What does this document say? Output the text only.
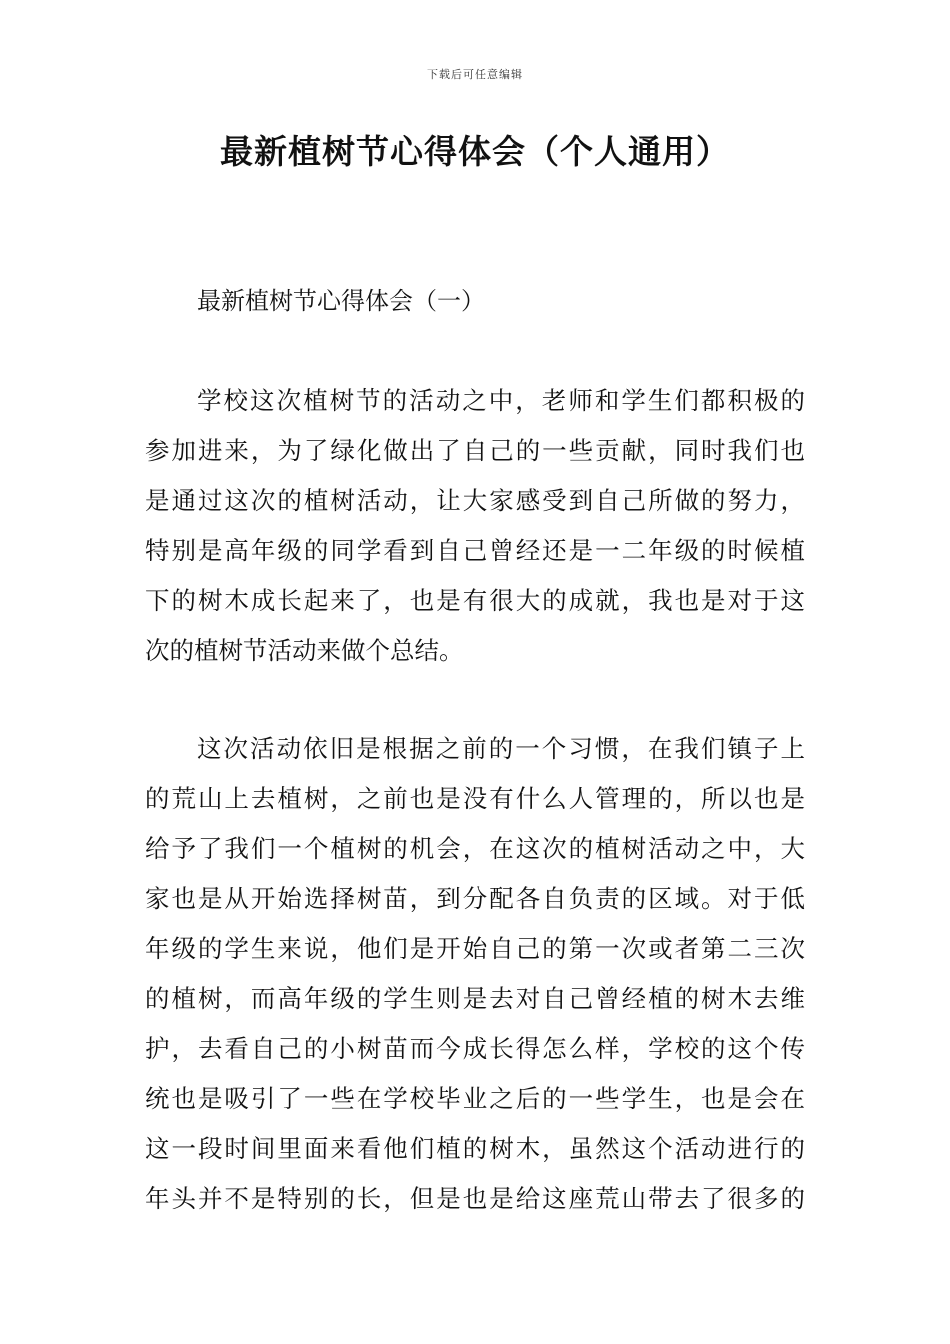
下载后可任意编辑
最新植树节心得体会（个人通用）
最新植树节心得体会（一）
学校这次植树节的活动之中，老师和学生们都积极的
参加进来，为了绿化做出了自己的一些贡献，同时我们也
是通过这次的植树活动，让大家感受到自己所做的努力，
特别是高年级的同学看到自己曾经还是一二年级的时候植
下的树木成长起来了，也是有很大的成就，我也是对于这
次的植树节活动来做个总结。
这次活动依旧是根据之前的一个习惯，在我们镇子上
的荒山上去植树，之前也是没有什么人管理的，所以也是
给予了我们一个植树的机会，在这次的植树活动之中，大
家也是从开始选择树苗，到分配各自负责的区域。对于低
年级的学生来说，他们是开始自己的第一次或者第二三次
的植树，而高年级的学生则是去对自己曾经植的树木去维
护，去看自己的小树苗而今成长得怎么样，学校的这个传
统也是吸引了一些在学校毕业之后的一些学生，也是会在
这一段时间里面来看他们植的树木，虽然这个活动进行的
年头并不是特别的长，但是也是给这座荒山带去了很多的
